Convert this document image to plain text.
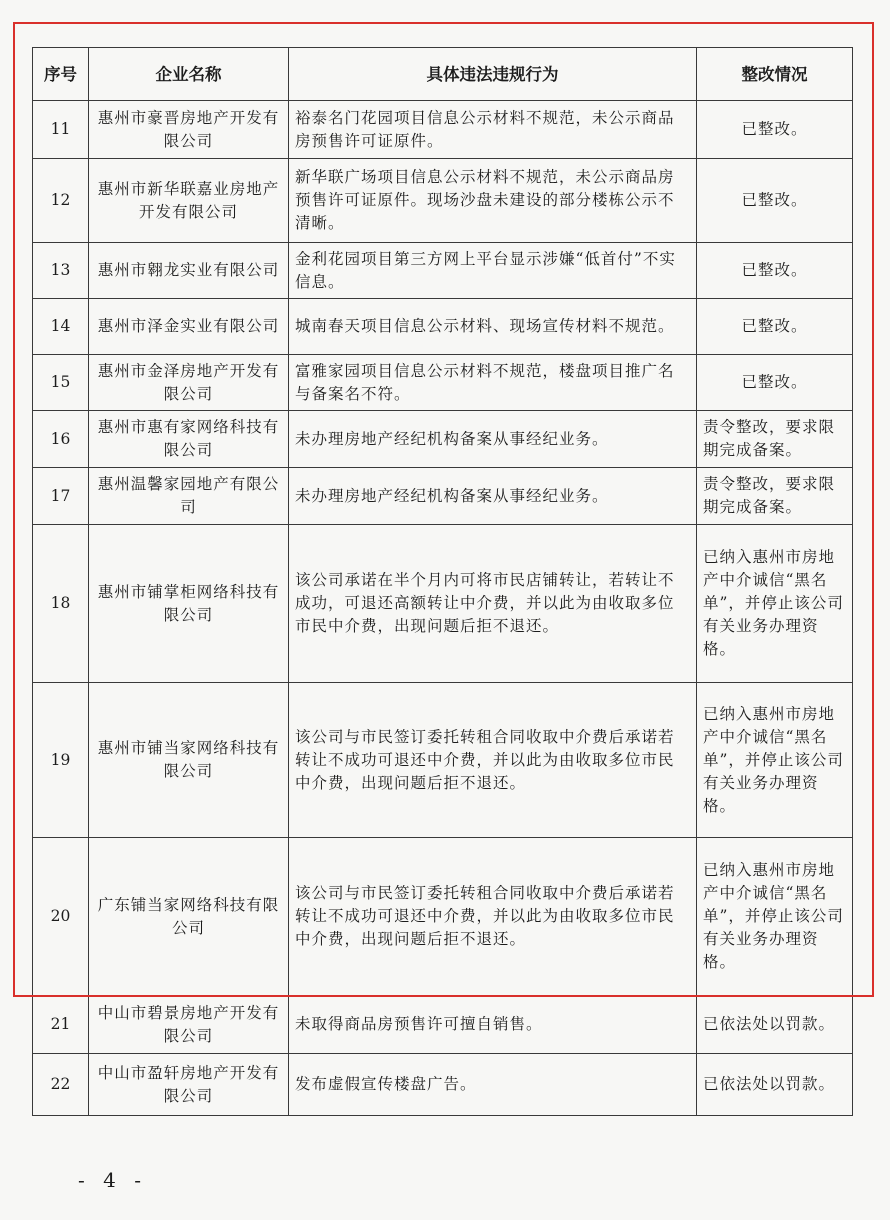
序号	企业名称	具体违法违规行为	整改情况
11	惠州市豪晋房地产开发有限公司	裕泰名门花园项目信息公示材料不规范，未公示商品房预售许可证原件。	已整改。
12	惠州市新华联嘉业房地产开发有限公司	新华联广场项目信息公示材料不规范，未公示商品房预售许可证原件。现场沙盘未建设的部分楼栋公示不清晰。	已整改。
13	惠州市翱龙实业有限公司	金利花园项目第三方网上平台显示涉嫌“低首付”不实信息。	已整改。
14	惠州市泽金实业有限公司	城南春天项目信息公示材料、现场宣传材料不规范。	已整改。
15	惠州市金泽房地产开发有限公司	富雅家园项目信息公示材料不规范，楼盘项目推广名与备案名不符。	已整改。
16	惠州市惠有家网络科技有限公司	未办理房地产经纪机构备案从事经纪业务。	责令整改，要求限期完成备案。
17	惠州温馨家园地产有限公司	未办理房地产经纪机构备案从事经纪业务。	责令整改，要求限期完成备案。
18	惠州市铺掌柜网络科技有限公司	该公司承诺在半个月内可将市民店铺转让，若转让不成功，可退还高额转让中介费，并以此为由收取多位市民中介费，出现问题后拒不退还。	已纳入惠州市房地产中介诚信“黑名单”，并停止该公司有关业务办理资格。
19	惠州市铺当家网络科技有限公司	该公司与市民签订委托转租合同收取中介费后承诺若转让不成功可退还中介费，并以此为由收取多位市民中介费，出现问题后拒不退还。	已纳入惠州市房地产中介诚信“黑名单”，并停止该公司有关业务办理资格。
20	广东铺当家网络科技有限公司	该公司与市民签订委托转租合同收取中介费后承诺若转让不成功可退还中介费，并以此为由收取多位市民中介费，出现问题后拒不退还。	已纳入惠州市房地产中介诚信“黑名单”，并停止该公司有关业务办理资格。
21	中山市碧景房地产开发有限公司	未取得商品房预售许可擅自销售。	已依法处以罚款。
22	中山市盈轩房地产开发有限公司	发布虚假宣传楼盘广告。	已依法处以罚款。
- 4 -
